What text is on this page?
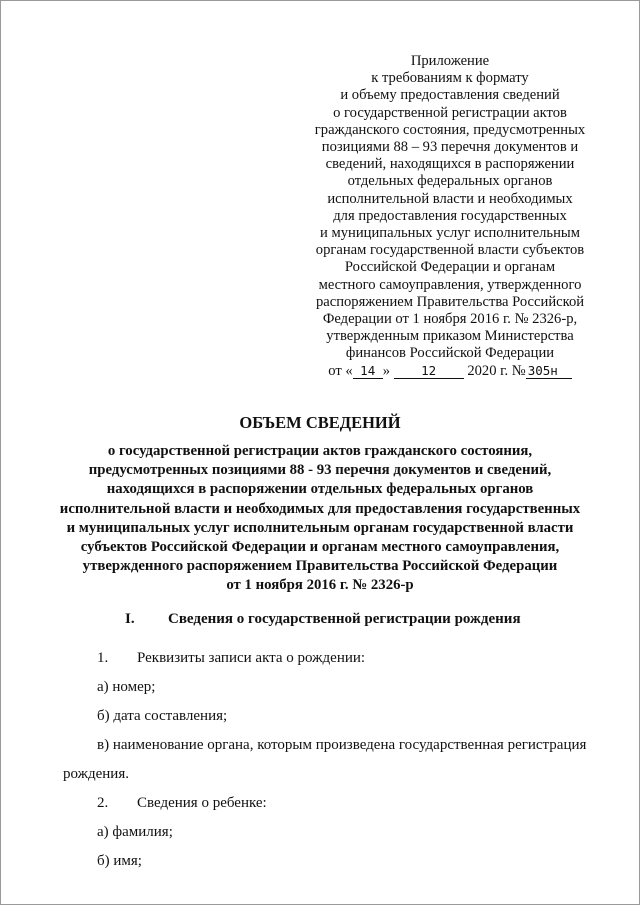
Приложение
к требованиям к формату
и объему предоставления сведений
о государственной регистрации актов
гражданского состояния, предусмотренных
позициями 88 – 93 перечня документов и
сведений, находящихся в распоряжении
отдельных федеральных органов
исполнительной власти и необходимых
для предоставления государственных
и муниципальных услуг исполнительным
органам государственной власти субъектов
Российской Федерации и органам
местного самоуправления, утвержденного
распоряжением Правительства Российской
Федерации от 1 ноября 2016 г. № 2326-р,
утвержденным приказом Министерства
финансов Российской Федерации
от « 14 » 12 2020 г. № 305н
ОБЪЕМ СВЕДЕНИЙ
о государственной регистрации актов гражданского состояния,
предусмотренных позициями 88 - 93 перечня документов и сведений,
находящихся в распоряжении отдельных федеральных органов
исполнительной власти и необходимых для предоставления государственных
и муниципальных услуг исполнительным органам государственной власти
субъектов Российской Федерации и органам местного самоуправления,
утвержденного распоряжением Правительства Российской Федерации
от 1 ноября 2016 г. № 2326-р
I. Сведения о государственной регистрации рождения
1. Реквизиты записи акта о рождении:
а) номер;
б) дата составления;
в) наименование органа, которым произведена государственная регистрация
рождения.
2. Сведения о ребенке:
а) фамилия;
б) имя;
